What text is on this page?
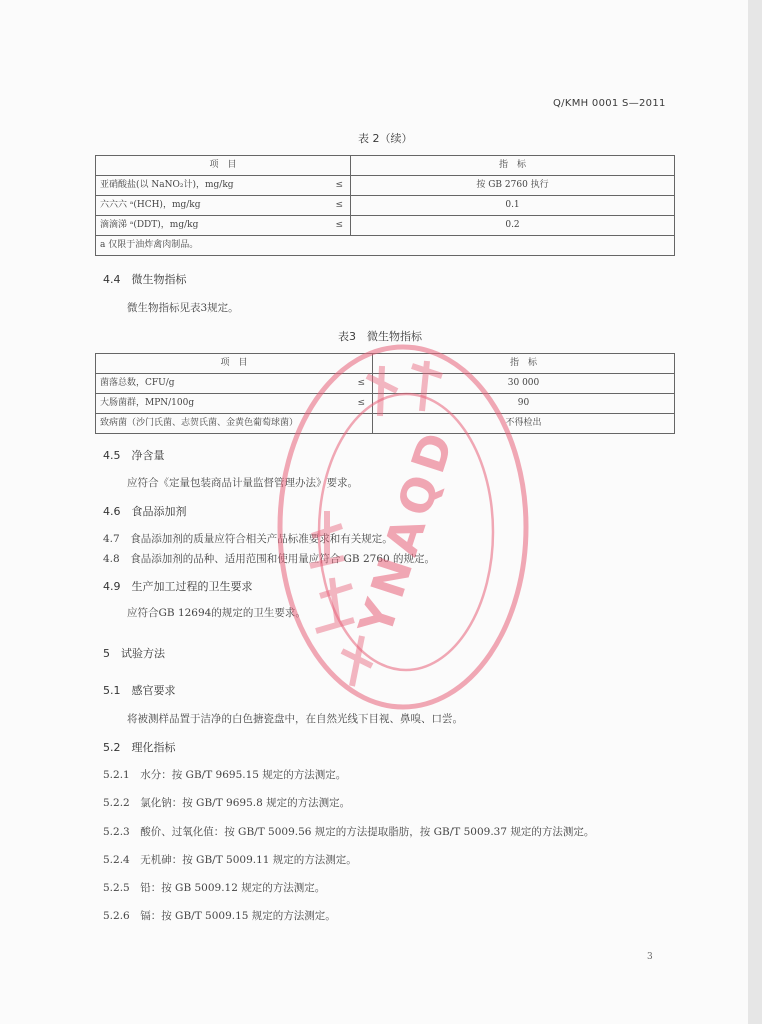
Q/KMH 0001 S—2011
表 2（续）
项　目		指　标
亚硝酸盐(以 NaNO₂计)，mg/kg	≤	按 GB 2760 执行
六六六 ᵃ(HCH)，mg/kg	≤	0.1
滴滴涕 ᵃ(DDT)，mg/kg	≤	0.2
a 仅限于油炸禽肉制品。		
4.4　微生物指标
微生物指标见表3规定。
表3　微生物指标
项　目		指　标
菌落总数，CFU/g	≤	30 000
大肠菌群，MPN/100g	≤	90
致病菌（沙门氏菌、志贺氏菌、金黄色葡萄球菌）		不得检出
4.5　净含量
应符合《定量包装商品计量监督管理办法》要求。
4.6　食品添加剂
4.7　食品添加剂的质量应符合相关产品标准要求和有关规定。
4.8　食品添加剂的品种、适用范围和使用量应符合 GB 2760 的规定。
4.9　生产加工过程的卫生要求
应符合GB 12694的规定的卫生要求。
5　试验方法
5.1　感官要求
将被测样品置于洁净的白色搪瓷盘中，在自然光线下目视、鼻嗅、口尝。
5.2　理化指标
5.2.1　水分：按 GB/T 9695.15 规定的方法测定。
5.2.2　氯化钠：按 GB/T 9695.8 规定的方法测定。
5.2.3　酸价、过氧化值：按 GB/T 5009.56 规定的方法提取脂肪，按 GB/T 5009.37 规定的方法测定。
5.2.4　无机砷：按 GB/T 5009.11 规定的方法测定。
5.2.5　铅：按 GB 5009.12 规定的方法测定。
5.2.6　镉：按 GB/T 5009.15 规定的方法测定。
YNAQD
3
